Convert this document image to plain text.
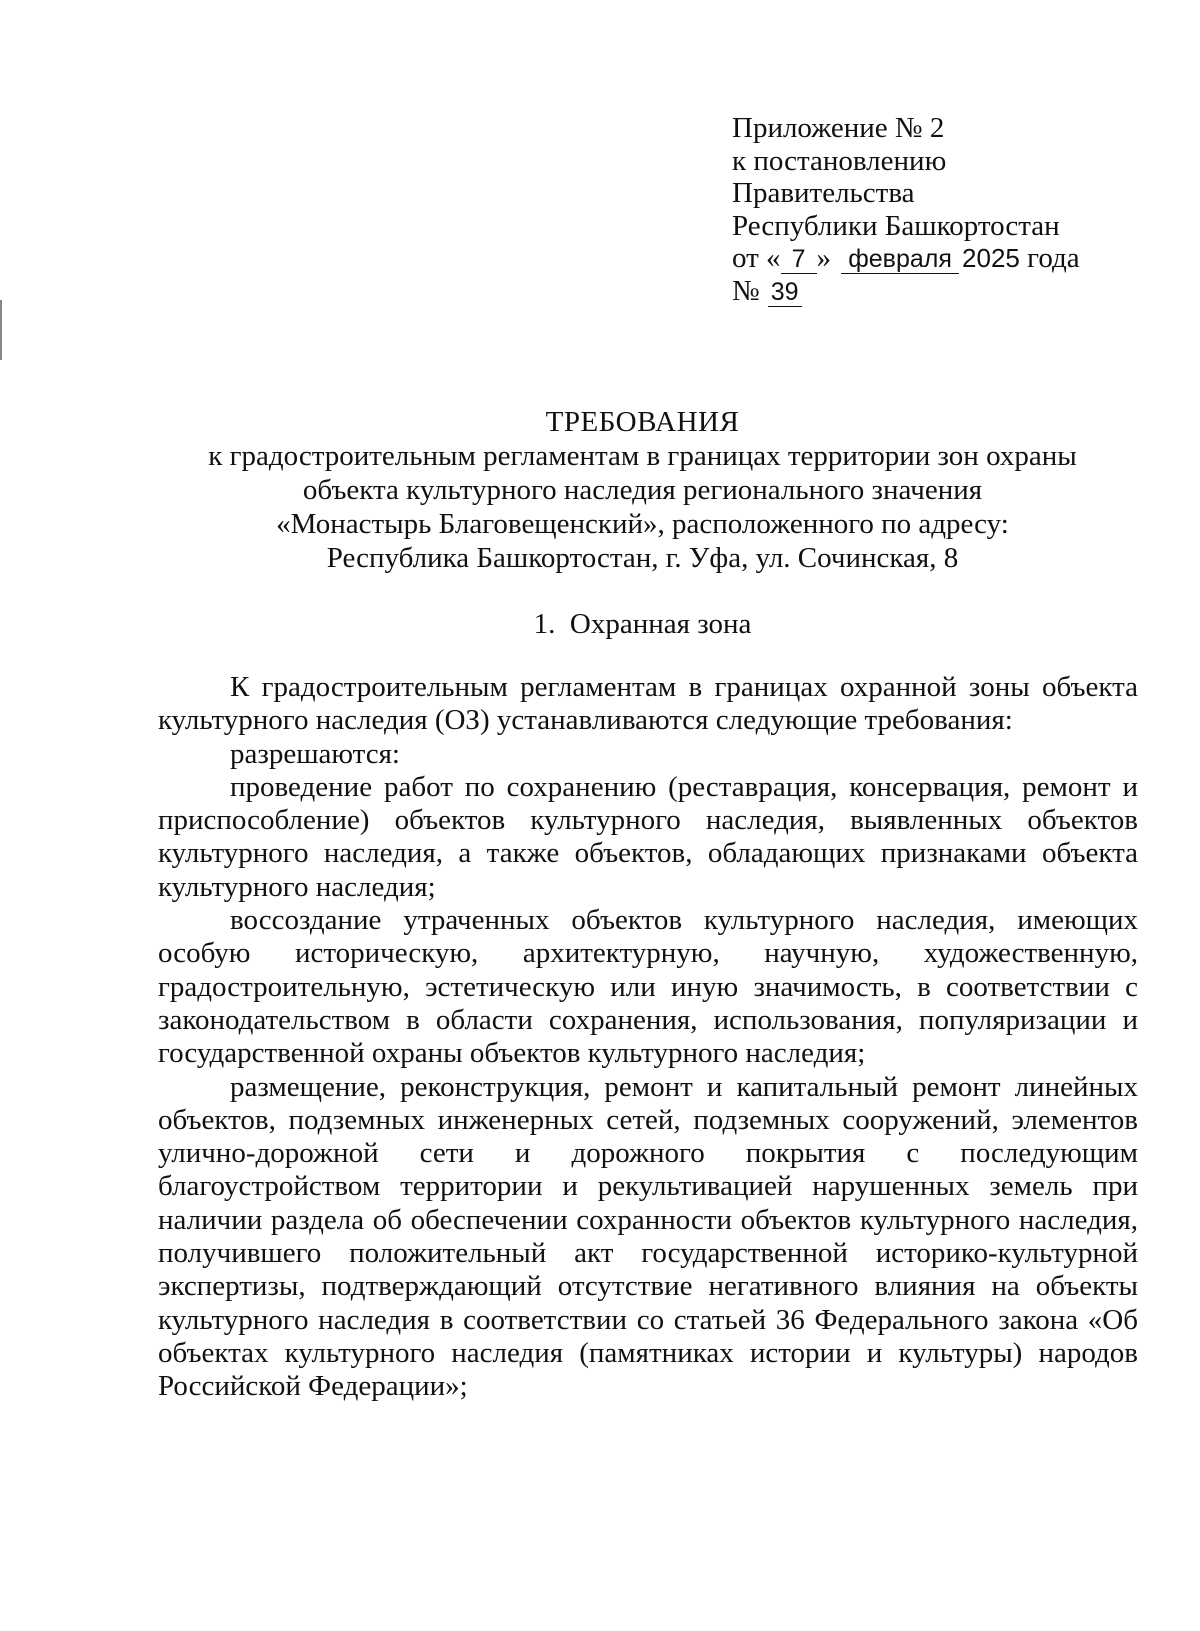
Приложение № 2
к постановлению
Правительства
Республики Башкортостан
от « 7 » февраля 2025 года
№ 39
ТРЕБОВАНИЯ
к градостроительным регламентам в границах территории зон охраны
объекта культурного наследия регионального значения
«Монастырь Благовещенский», расположенного по адресу:
Республика Башкортостан, г. Уфа, ул. Сочинская, 8
1.  Охранная зона

К градостроительным регламентам в границах охранной зоны объекта культурного наследия (ОЗ) устанавливаются следующие требования:

разрешаются:

проведение работ по сохранению (реставрация, консервация, ремонт и приспособление) объектов культурного наследия, выявленных объектов культурного наследия, а также объектов, обладающих признаками объекта культурного наследия;

воссоздание утраченных объектов культурного наследия, имеющих особую историческую, архитектурную, научную, художественную, градостроительную, эстетическую или иную значимость, в соответствии с законодательством в области сохранения, использования, популяризации и государственной охраны объектов культурного наследия;

размещение, реконструкция, ремонт и капитальный ремонт линейных объектов, подземных инженерных сетей, подземных сооружений, элементов улично-дорожной сети и дорожного покрытия с последующим благоустройством территории и рекультивацией нарушенных земель при наличии раздела об обеспечении сохранности объектов культурного наследия, получившего положительный акт государственной историко-культурной экспертизы, подтверждающий отсутствие негативного влияния на объекты культурного наследия в соответствии со статьей 36 Федерального закона «Об объектах культурного наследия (памятниках истории и культуры) народов Российской Федерации»;
